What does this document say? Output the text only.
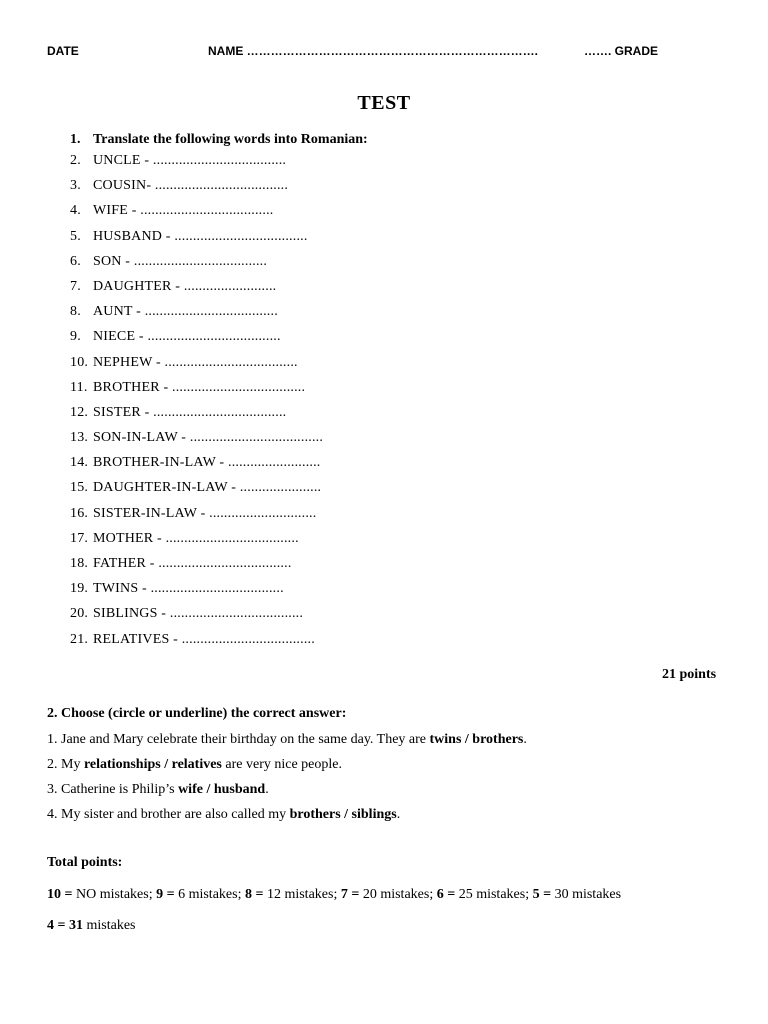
DATE	NAME ……………………………………………………………….	……. GRADE
TEST
1. Translate the following words into Romanian:
2. UNCLE - ....................................
3. COUSIN- ....................................
4. WIFE - ....................................
5. HUSBAND - ....................................
6. SON - ....................................
7. DAUGHTER - .........................
8. AUNT - ....................................
9. NIECE - ....................................
10. NEPHEW - ....................................
11. BROTHER - ....................................
12. SISTER - ....................................
13. SON-IN-LAW - ....................................
14. BROTHER-IN-LAW - .........................
15. DAUGHTER-IN-LAW - ......................
16. SISTER-IN-LAW - .............................
17. MOTHER - ....................................
18. FATHER - ....................................
19. TWINS - ....................................
20. SIBLINGS - ....................................
21. RELATIVES - ....................................
21 points
2. Choose (circle or underline) the correct answer:
1. Jane and Mary celebrate their birthday on the same day. They are twins / brothers.
2. My relationships / relatives are very nice people.
3. Catherine is Philip’s wife / husband.
4. My sister and brother are also called my brothers / siblings.
Total points:
10 = NO mistakes; 9 = 6 mistakes; 8 = 12 mistakes; 7 = 20 mistakes; 6 = 25 mistakes; 5 = 30 mistakes
4 = 31 mistakes
